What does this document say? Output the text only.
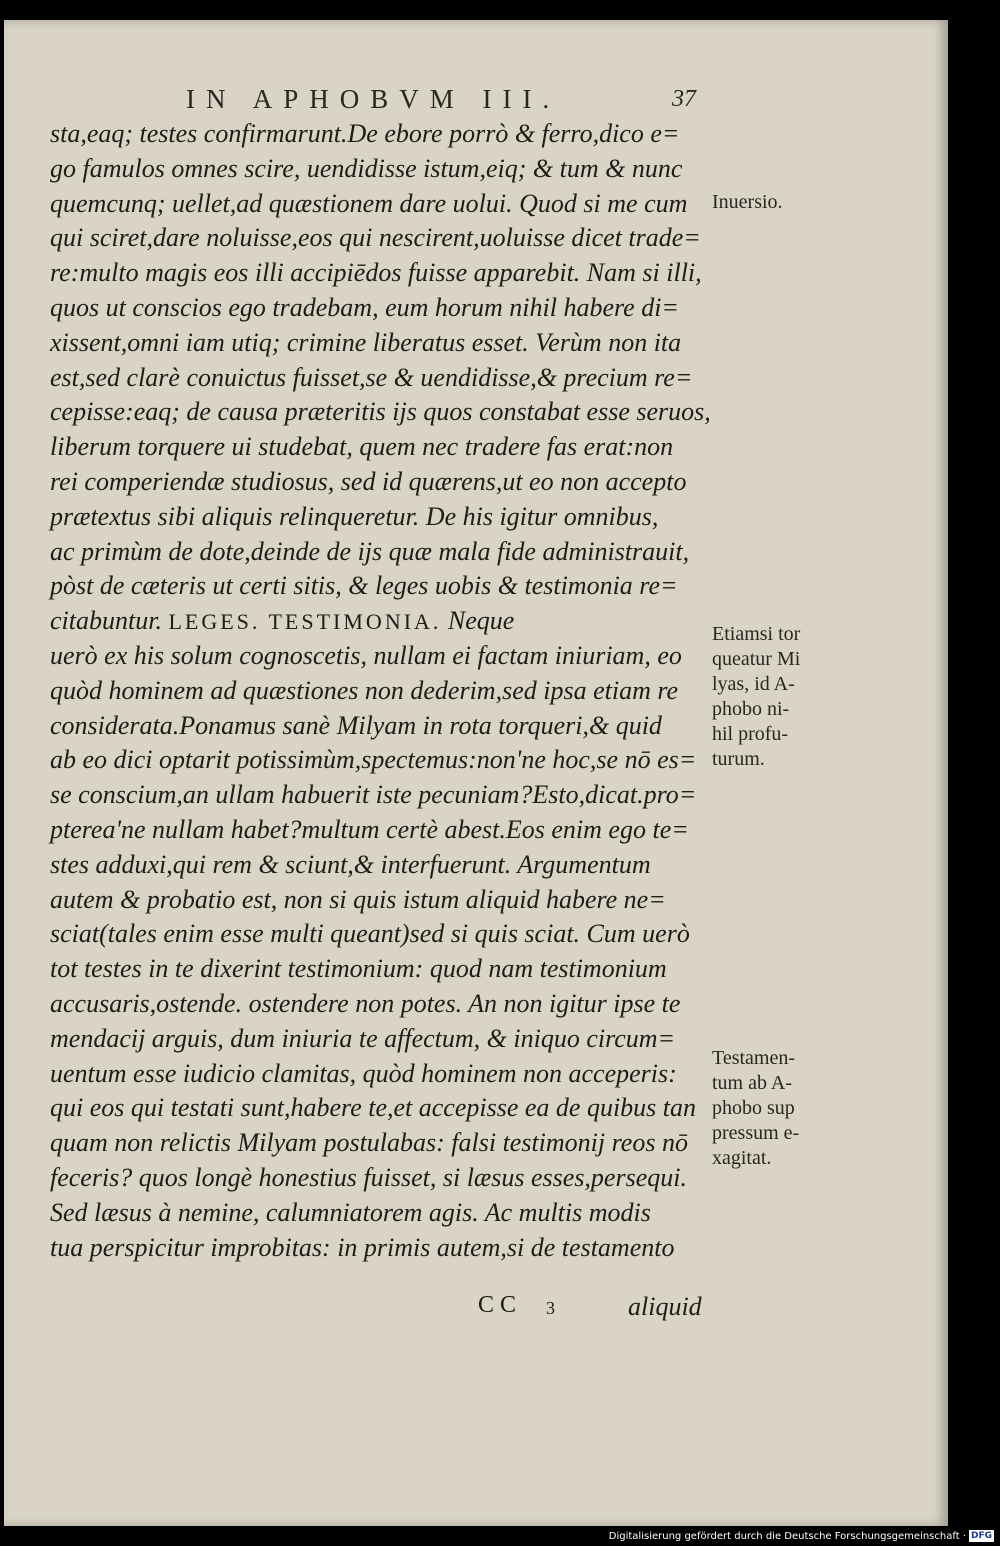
IN APHOBVM III.	37
sta,eaq; testes confirmarunt.De ebore porrò & ferro,dico e=
go famulos omnes scire, uendidisse istum,eiq; & tum & nunc
quemcunq; uellet,ad quæstionem dare uolui. Quod si me cum
qui sciret,dare noluisse,eos qui nescirent,uoluisse dicet trade=
re:multo magis eos illi accipiēdos fuisse apparebit. Nam si illi,
quos ut conscios ego tradebam, eum horum nihil habere di=
xissent,omni iam utiq; crimine liberatus esset. Verùm non ita
est,sed clarè conuictus fuisset,se & uendidisse,& precium re=
cepisse:eaq; de causa præteritis ijs quos constabat esse seruos,
liberum torquere ui studebat, quem nec tradere fas erat:non
rei comperiendæ studiosus, sed id quærens,ut eo non accepto
prætextus sibi aliquis relinqueretur. De his igitur omnibus,
ac primùm de dote,deinde de ijs quæ mala fide administrauit,
pòst de cæteris ut certi sitis, & leges uobis & testimonia re=
citabuntur. LEGES. TESTIMONIA. Neque
uerò ex his solum cognoscetis, nullam ei factam iniuriam, eo
quòd hominem ad quæstiones non dederim,sed ipsa etiam re
considerata.Ponamus sanè Milyam in rota torqueri,& quid
ab eo dici optarit potissimùm,spectemus:non'ne hoc,se nō es=
se conscium,an ullam habuerit iste pecuniam?Esto,dicat.pro=
pterea'ne nullam habet?multum certè abest.Eos enim ego te=
stes adduxi,qui rem & sciunt,& interfuerunt. Argumentum
autem & probatio est, non si quis istum aliquid habere ne=
sciat(tales enim esse multi queant)sed si quis sciat. Cum uerò
tot testes in te dixerint testimonium: quod nam testimonium
accusaris,ostende. ostendere non potes. An non igitur ipse te
mendacij arguis, dum iniuria te affectum, & iniquo circum=
uentum esse iudicio clamitas, quòd hominem non acceperis:
qui eos qui testati sunt,habere te,et accepisse ea de quibus tan
quam non relictis Milyam postulabas: falsi testimonij reos nō
feceris? quos longè honestius fuisset, si læsus esses,persequi.
Sed læsus à nemine, calumniatorem agis. Ac multis modis
tua perspicitur improbitas: in primis autem,si de testamento

Inuersio.

Etiamsi tor

queatur Mi

lyas, id A-

phobo ni-

hil profu-

turum.

Testamen-

tum ab A-

phobo sup

pressum e-

xagitat.

CC 3	aliquid
Digitalisierung gefördert durch die Deutsche Forschungsgemeinschaft · DFG
